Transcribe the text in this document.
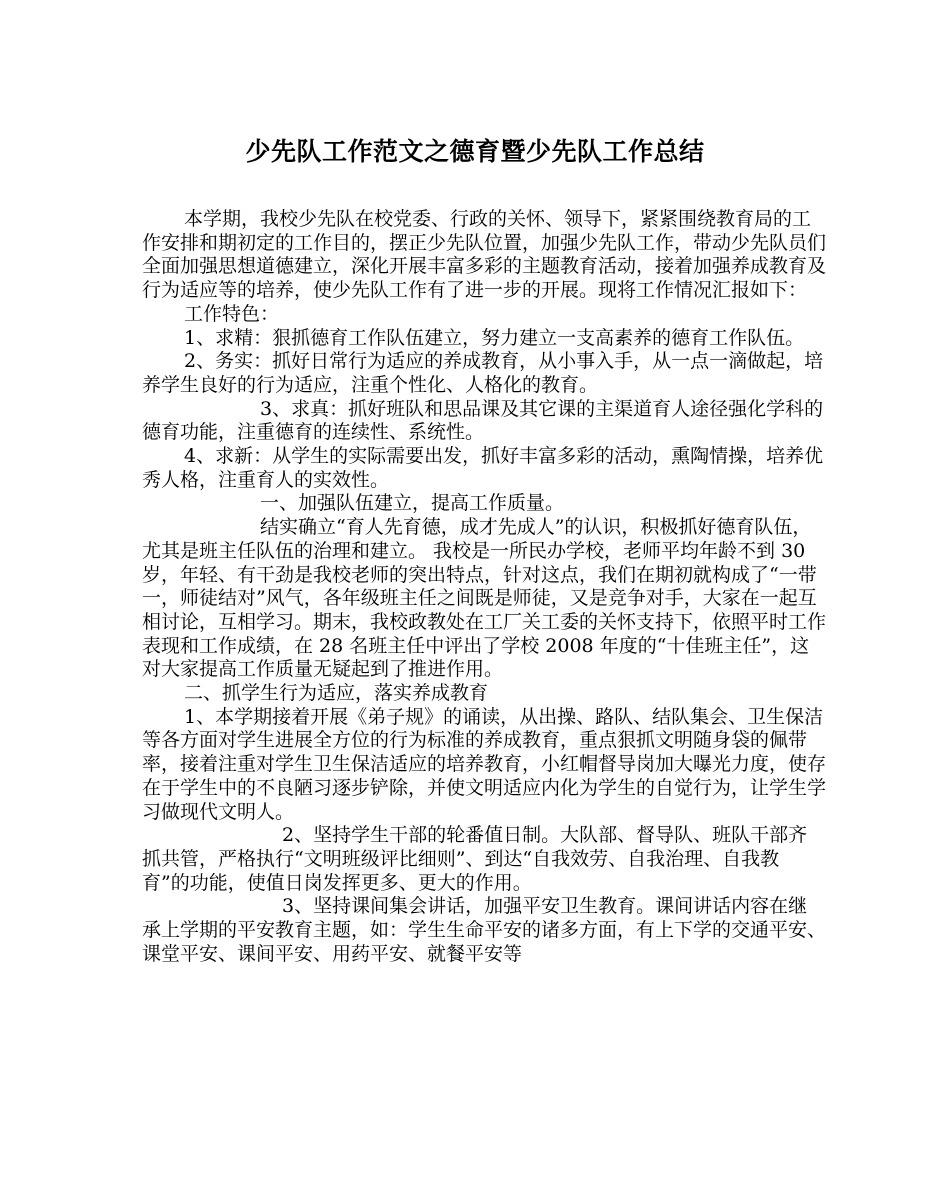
少先队工作范文之德育暨少先队工作总结

本学期，我校少先队在校党委、行政的关怀、领导下，紧紧围绕教育局的工作安排和期初定的工作目的，摆正少先队位置，加强少先队工作，带动少先队员们全面加强思想道德建立，深化开展丰富多彩的主题教育活动，接着加强养成教育及行为适应等的培养，使少先队工作有了进一步的开展。现将工作情况汇报如下：

工作特色：

1、求精：狠抓德育工作队伍建立，努力建立一支高素养的德育工作队伍。

2、务实：抓好日常行为适应的养成教育，从小事入手，从一点一滴做起，培养学生良好的行为适应，注重个性化、人格化的教育。

3、求真：抓好班队和思品课及其它课的主渠道育人途径强化学科的德育功能，注重德育的连续性、系统性。

4、求新：从学生的实际需要出发，抓好丰富多彩的活动，熏陶情操，培养优秀人格，注重育人的实效性。

一、加强队伍建立，提高工作质量。

结实确立“育人先育德，成才先成人”的认识，积极抓好德育队伍，尤其是班主任队伍的治理和建立。 我校是一所民办学校，老师平均年龄不到 30 岁，年轻、有干劲是我校老师的突出特点，针对这点，我们在期初就构成了“一带一，师徒结对”风气，各年级班主任之间既是师徒，又是竞争对手，大家在一起互相讨论，互相学习。期末，我校政教处在工厂关工委的关怀支持下，依照平时工作表现和工作成绩，在 28 名班主任中评出了学校 2008 年度的“十佳班主任”，这对大家提高工作质量无疑起到了推进作用。

二、抓学生行为适应，落实养成教育

1、本学期接着开展《弟子规》的诵读，从出操、路队、结队集会、卫生保洁等各方面对学生进展全方位的行为标准的养成教育，重点狠抓文明随身袋的佩带率，接着注重对学生卫生保洁适应的培养教育，小红帽督导岗加大曝光力度，使存在于学生中的不良陋习逐步铲除，并使文明适应内化为学生的自觉行为，让学生学习做现代文明人。

2、坚持学生干部的轮番值日制。大队部、督导队、班队干部齐抓共管，严格执行“文明班级评比细则”、到达“自我效劳、自我治理、自我教育”的功能，使值日岗发挥更多、更大的作用。

3、坚持课间集会讲话，加强平安卫生教育。课间讲话内容在继承上学期的平安教育主题，如：学生生命平安的诸多方面，有上下学的交通平安、课堂平安、课间平安、用药平安、就餐平安等
